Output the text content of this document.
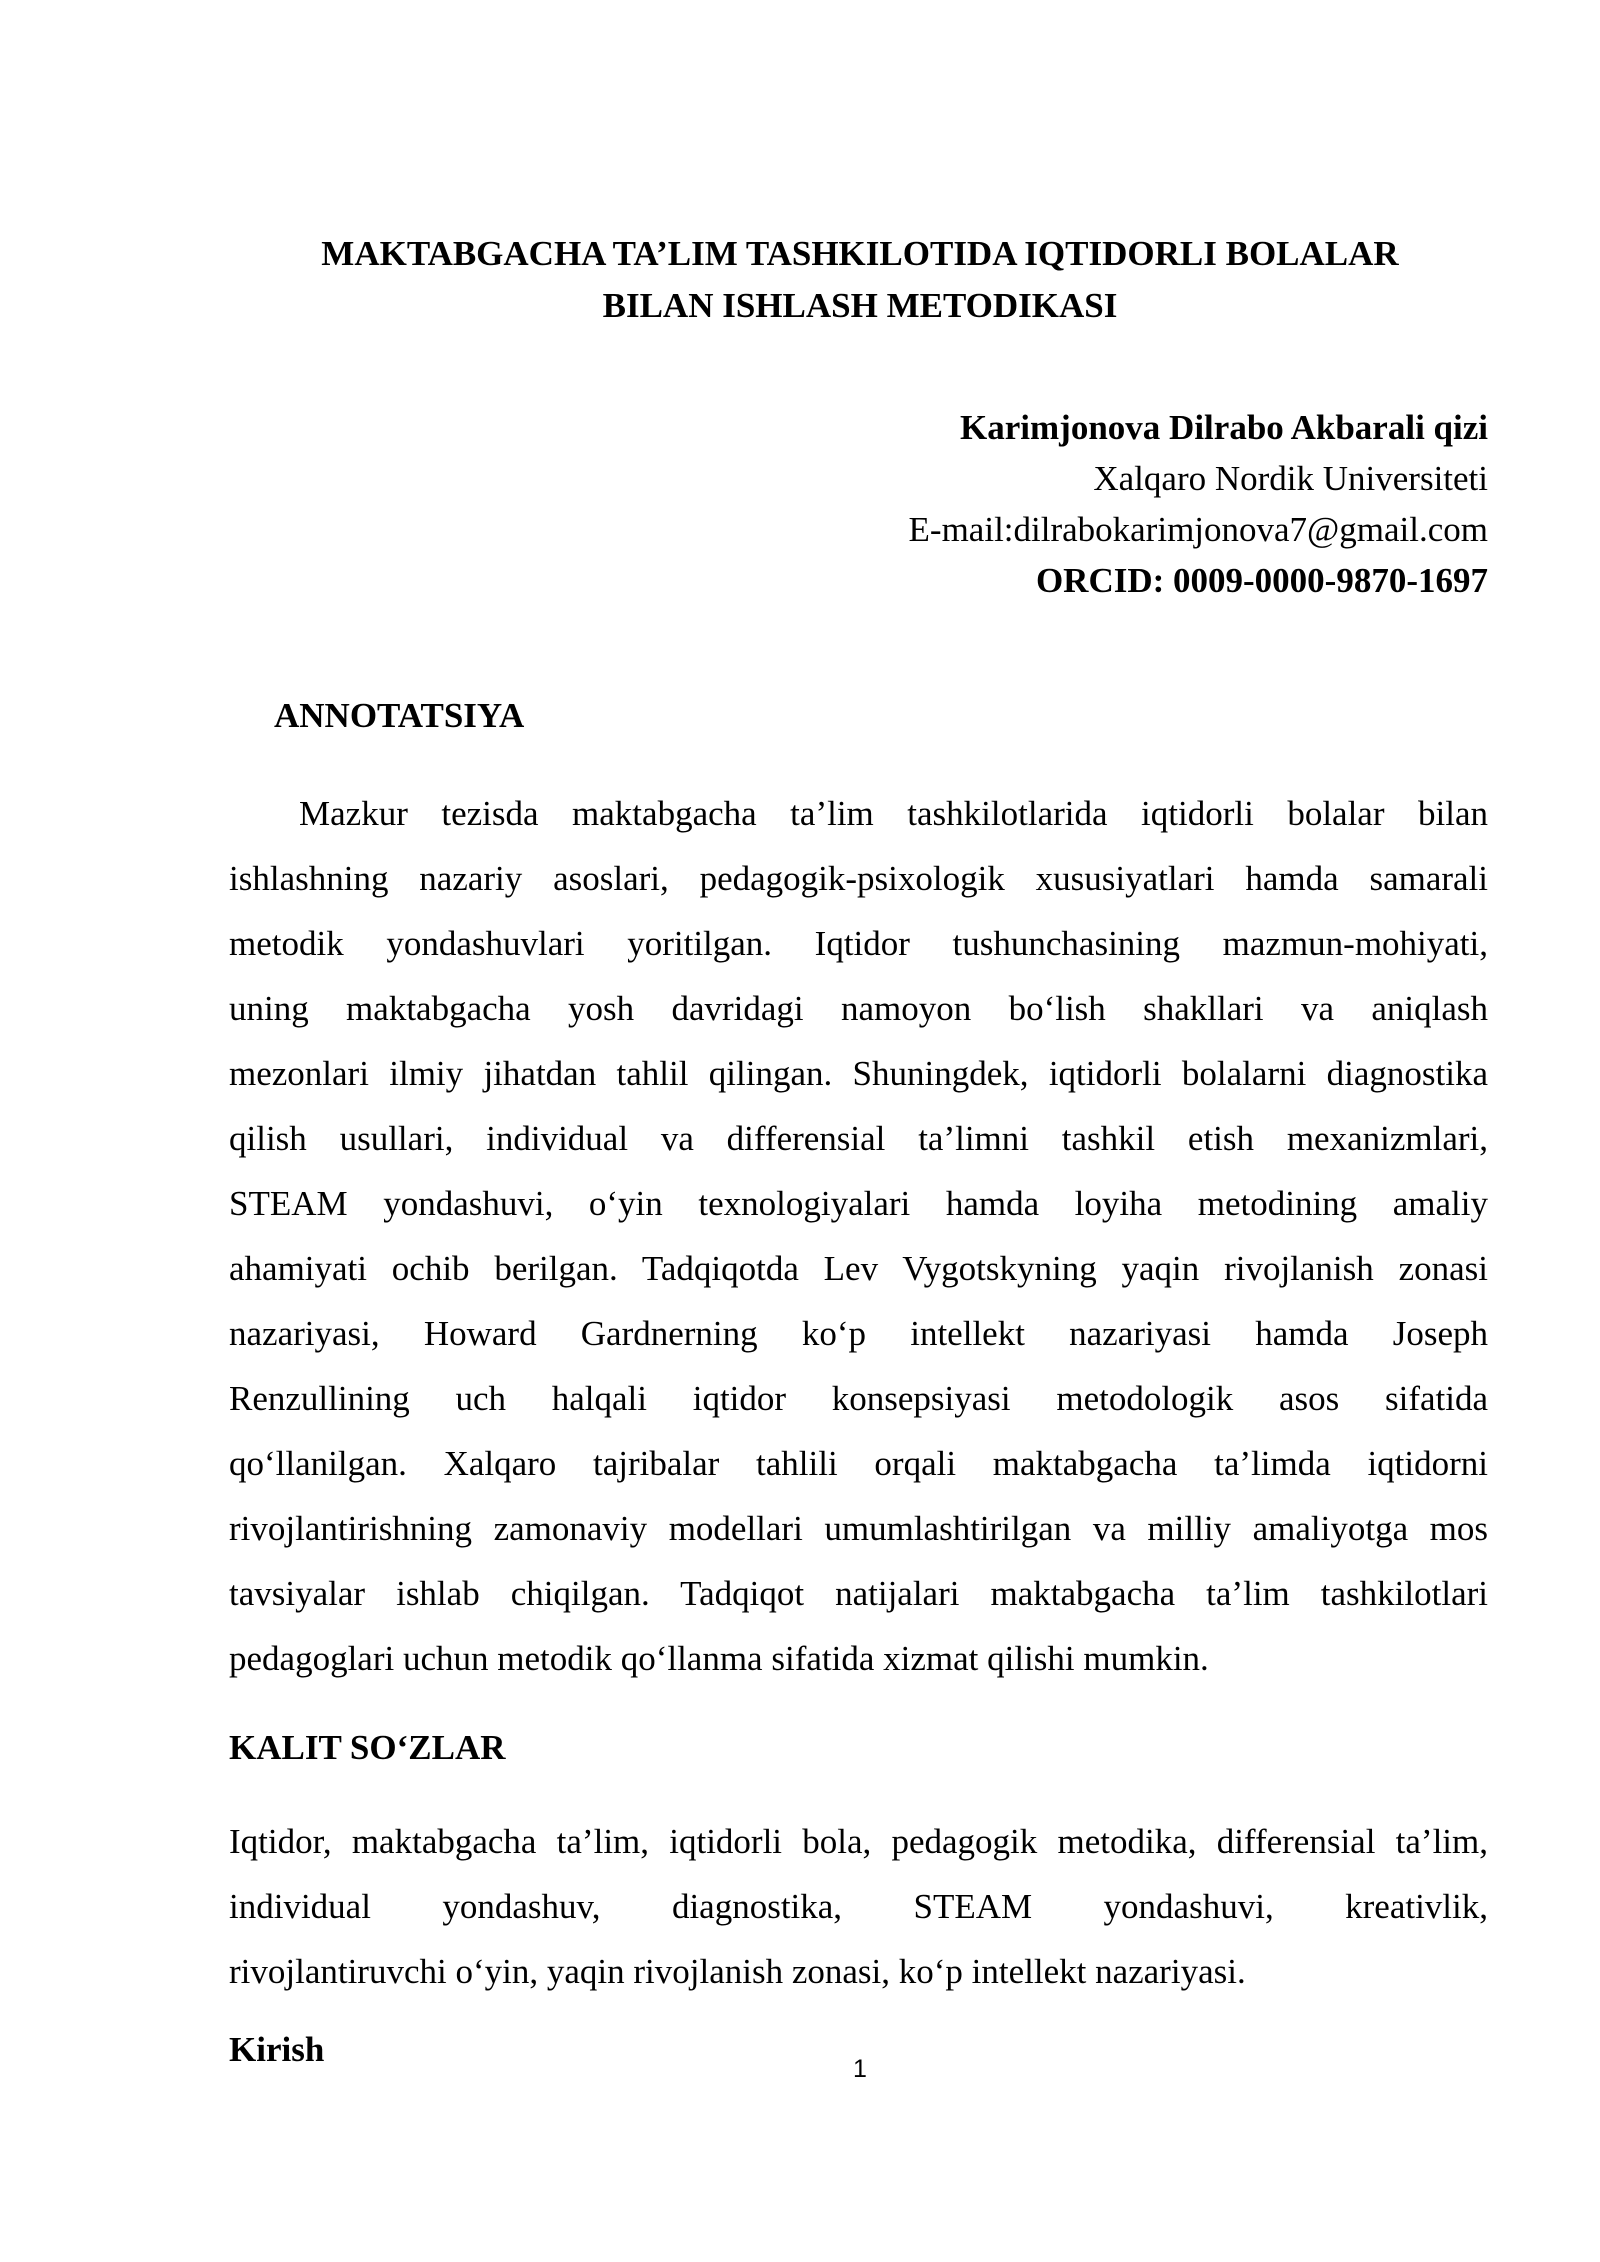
MAKTABGACHA TA’LIM TASHKILOTIDA IQTIDORLI BOLALAR
BILAN ISHLASH METODIKASI
Karimjonova Dilrabo Akbarali qizi
Xalqaro Nordik Universiteti
E-mail:dilrabokarimjonova7@gmail.com
ORCID: 0009-0000-9870-1697
ANNOTATSIYA
Mazkur tezisda maktabgacha ta’lim tashkilotlarida iqtidorli bolalar bilan
ishlashning nazariy asoslari, pedagogik-psixologik xususiyatlari hamda samarali
metodik yondashuvlari yoritilgan. Iqtidor tushunchasining mazmun-mohiyati,
uning maktabgacha yosh davridagi namoyon bo‘lish shakllari va aniqlash
mezonlari ilmiy jihatdan tahlil qilingan. Shuningdek, iqtidorli bolalarni diagnostika
qilish usullari, individual va differensial ta’limni tashkil etish mexanizmlari,
STEAM yondashuvi, o‘yin texnologiyalari hamda loyiha metodining amaliy
ahamiyati ochib berilgan. Tadqiqotda Lev Vygotskyning yaqin rivojlanish zonasi
nazariyasi, Howard Gardnerning ko‘p intellekt nazariyasi hamda Joseph
Renzullining uch halqali iqtidor konsepsiyasi metodologik asos sifatida
qo‘llanilgan. Xalqaro tajribalar tahlili orqali maktabgacha ta’limda iqtidorni
rivojlantirishning zamonaviy modellari umumlashtirilgan va milliy amaliyotga mos
tavsiyalar ishlab chiqilgan. Tadqiqot natijalari maktabgacha ta’lim tashkilotlari
pedagoglari uchun metodik qo‘llanma sifatida xizmat qilishi mumkin.
KALIT SO‘ZLAR
Iqtidor, maktabgacha ta’lim, iqtidorli bola, pedagogik metodika, differensial ta’lim,
individual yondashuv, diagnostika, STEAM yondashuvi, kreativlik,
rivojlantiruvchi o‘yin, yaqin rivojlanish zonasi, ko‘p intellekt nazariyasi.
Kirish	1
